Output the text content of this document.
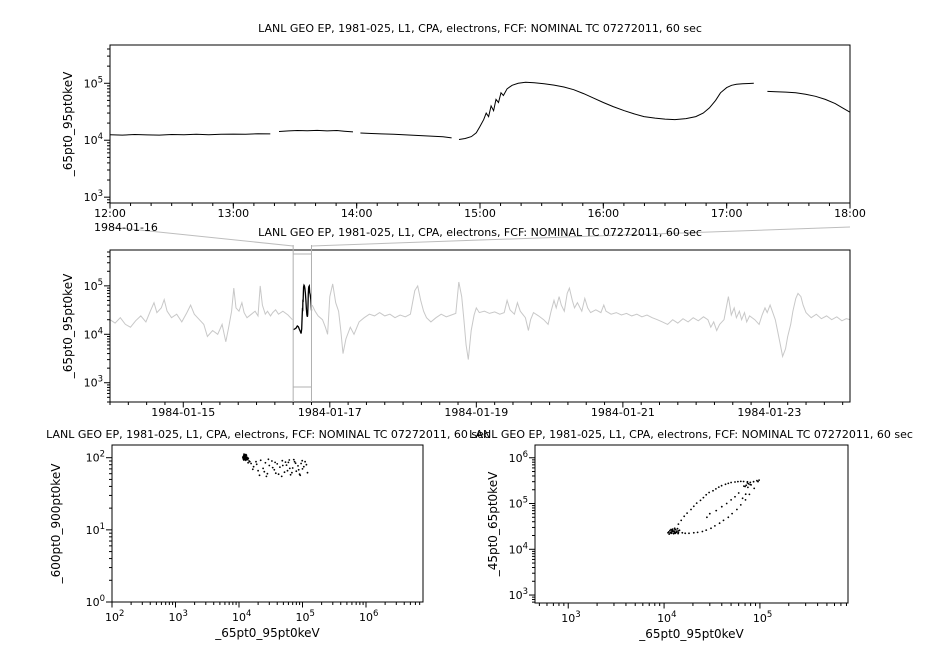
12:00	13:00	14:00	15:00	16:00	17:00	18:00
1984-01-16
$10^3$
$10^4$
$10^5$
_65pt0_95pt0keV
1984-01-15	1984-01-17	1984-01-19	1984-01-21	1984-01-23
$10^3$
$10^4$
$10^5$
_65pt0_95pt0keV
$10^2$	$10^3$	$10^4$	$10^5$	$10^6$
$10^0$
$10^1$
$10^2$
_600pt0_900pt0keV
_65pt0_95pt0keV
$10^3$	$10^4$	$10^5$
$10^3$
$10^4$
$10^5$
$10^6$
_45pt0_65pt0keV
_65pt0_95pt0keV
LANL GEO EP, 1981-025, L1, CPA, electrons, FCF: NOMINAL TC 07272011, 60 sec
LANL GEO EP, 1981-025, L1, CPA, electrons, FCF: NOMINAL TC 07272011, 60 sec
LANL GEO EP, 1981-025, L1, CPA, electrons, FCF: NOMINAL TC 07272011, 60 sec
LANL GEO EP, 1981-025, L1, CPA, electrons, FCF: NOMINAL TC 07272011, 60 sec
